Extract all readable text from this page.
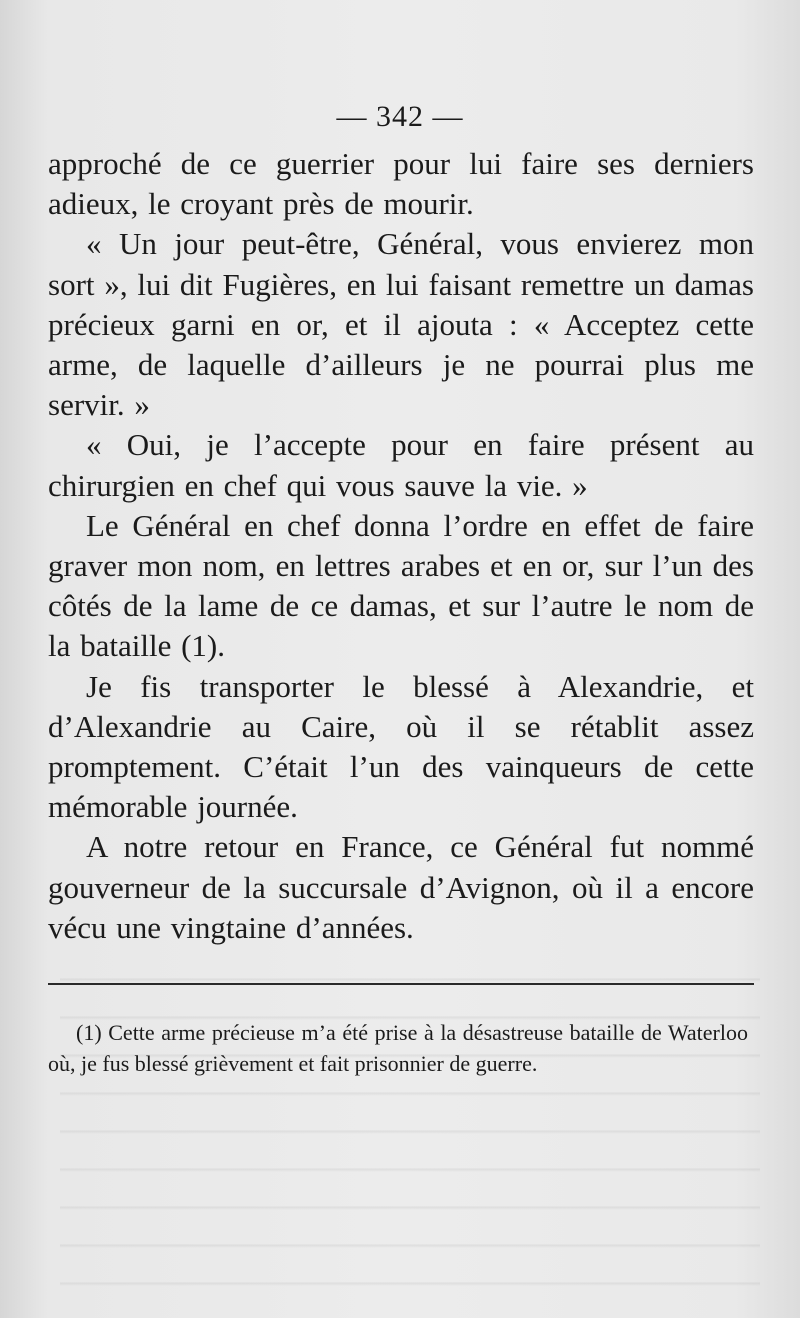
— 342 —

approché de ce guerrier pour lui faire ses derniers adieux, le croyant près de mourir.

« Un jour peut-être, Général, vous envierez mon sort », lui dit Fugières, en lui faisant remettre un damas précieux garni en or, et il ajouta : « Acceptez cette arme, de laquelle d’ailleurs je ne pourrai plus me servir. »

« Oui, je l’accepte pour en faire présent au chirurgien en chef qui vous sauve la vie. »

Le Général en chef donna l’ordre en effet de faire graver mon nom, en lettres arabes et en or, sur l’un des côtés de la lame de ce damas, et sur l’autre le nom de la bataille (1).

Je fis transporter le blessé à Alexandrie, et d’Alexandrie au Caire, où il se rétablit assez promptement. C’était l’un des vainqueurs de cette mémorable journée.

A notre retour en France, ce Général fut nommé gouverneur de la succursale d’Avignon, où il a encore vécu une vingtaine d’années.

(1) Cette arme précieuse m’a été prise à la désastreuse bataille de Waterloo où, je fus blessé grièvement et fait prisonnier de guerre.
